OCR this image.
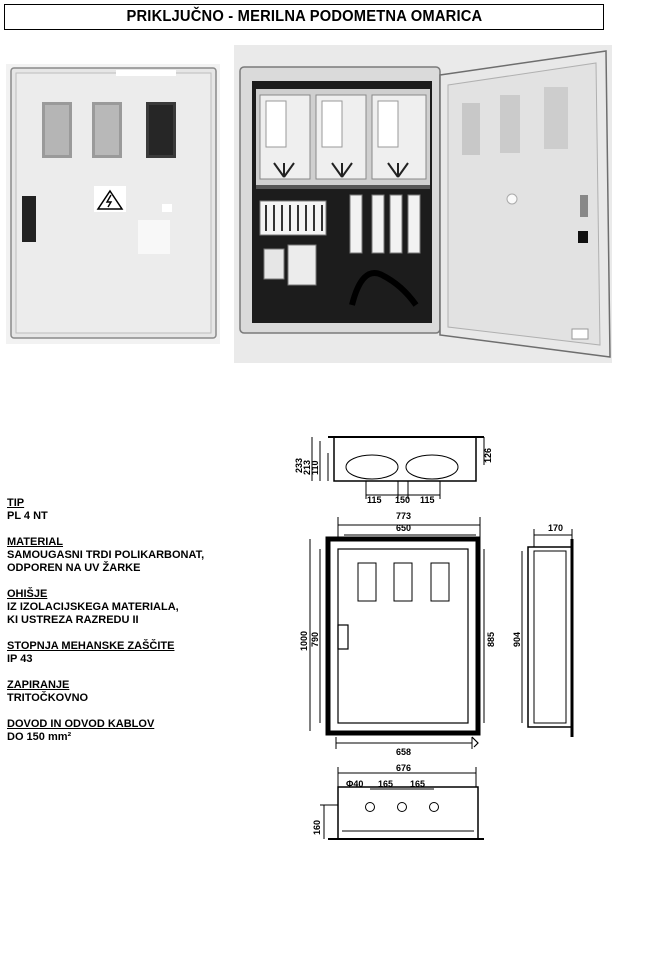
PRIKLJUČNO - MERILNA PODOMETNA OMARICA
TIP
PL 4 NT
MATERIAL
SAMOUGASNI TRDI POLIKARBONAT,
ODPOREN NA UV ŽARKE
OHIŠJE
IZ IZOLACIJSKEGA MATERIALA,
KI USTREZA RAZREDU II
STOPNJA MEHANSKE ZAŠČITE
IP 43
ZAPIRANJE
TRITOČKOVNO
DOVOD IN ODVOD KABLOV
DO 150 mm²
233
213
110
126
115 150 115
773
650
1000 790	885
658
170
904
676
Φ40 165 165
160
